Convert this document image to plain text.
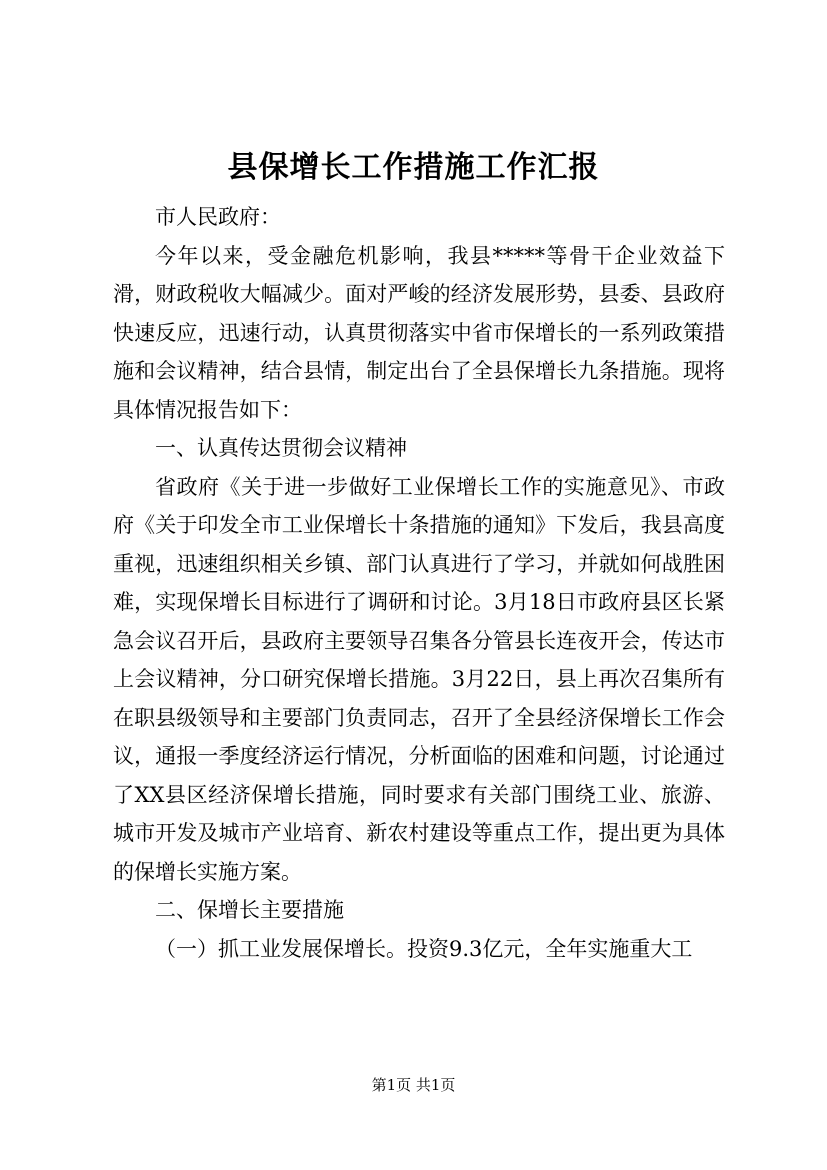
县保增长工作措施工作汇报

市人民政府：

今年以来，受金融危机影响，我县*****等骨干企业效益下滑，财政税收大幅减少。面对严峻的经济发展形势，县委、县政府快速反应，迅速行动，认真贯彻落实中省市保增长的一系列政策措施和会议精神，结合县情，制定出台了全县保增长九条措施。现将具体情况报告如下：

一、认真传达贯彻会议精神

省政府《关于进一步做好工业保增长工作的实施意见》、市政府《关于印发全市工业保增长十条措施的通知》下发后，我县高度重视，迅速组织相关乡镇、部门认真进行了学习，并就如何战胜困难，实现保增长目标进行了调研和讨论。3月18日市政府县区长紧急会议召开后，县政府主要领导召集各分管县长连夜开会，传达市上会议精神，分口研究保增长措施。3月22日，县上再次召集所有在职县级领导和主要部门负责同志，召开了全县经济保增长工作会议，通报一季度经济运行情况，分析面临的困难和问题，讨论通过了XX县区经济保增长措施，同时要求有关部门围绕工业、旅游、城市开发及城市产业培育、新农村建设等重点工作，提出更为具体的保增长实施方案。

二、保增长主要措施

（一）抓工业发展保增长。投资9.3亿元，全年实施重大工

第1页 共1页
